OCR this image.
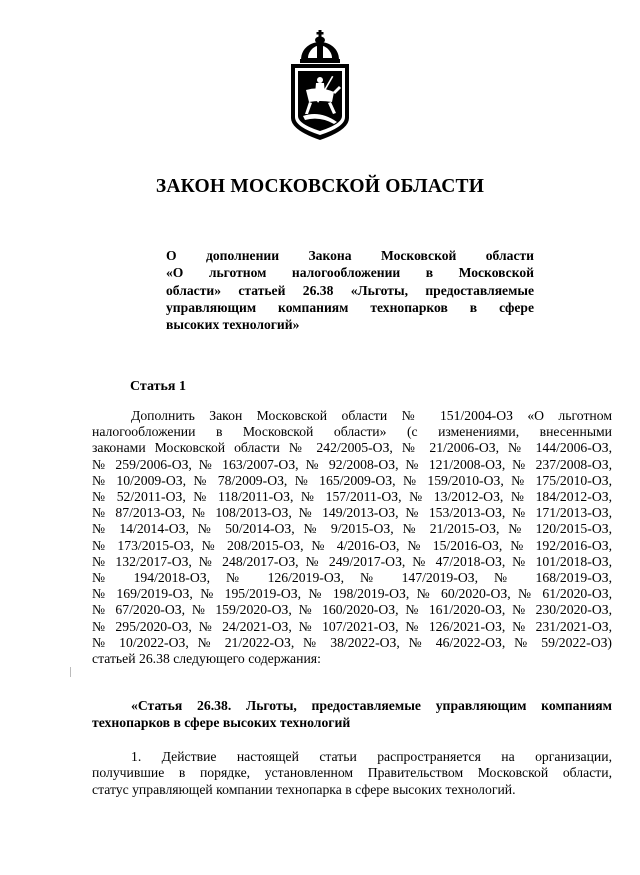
ЗАКОН МОСКОВСКОЙ ОБЛАСТИ
О дополнении Закона Московской области
«О льготном налогообложении в Московской
области» статьей 26.38 «Льготы, предоставляемые
управляющим компаниям технопарков в сфере
высоких технологий»
Статья 1
Дополнить Закон Московской области № 151/2004-ОЗ «О льготном
налогообложении в Московской области» (с изменениями, внесенными
законами Московской области № 242/2005-ОЗ, № 21/2006-ОЗ, № 144/2006-ОЗ,
№ 259/2006-ОЗ, № 163/2007-ОЗ, № 92/2008-ОЗ, № 121/2008-ОЗ, № 237/2008-ОЗ,
№ 10/2009-ОЗ, № 78/2009-ОЗ, № 165/2009-ОЗ, № 159/2010-ОЗ, № 175/2010-ОЗ,
№ 52/2011-ОЗ, № 118/2011-ОЗ, № 157/2011-ОЗ, № 13/2012-ОЗ, № 184/2012-ОЗ,
№ 87/2013-ОЗ, № 108/2013-ОЗ, № 149/2013-ОЗ, № 153/2013-ОЗ, № 171/2013-ОЗ,
№ 14/2014-ОЗ, № 50/2014-ОЗ, № 9/2015-ОЗ, № 21/2015-ОЗ, № 120/2015-ОЗ,
№ 173/2015-ОЗ, № 208/2015-ОЗ, № 4/2016-ОЗ, № 15/2016-ОЗ, № 192/2016-ОЗ,
№ 132/2017-ОЗ, № 248/2017-ОЗ, № 249/2017-ОЗ, № 47/2018-ОЗ, № 101/2018-ОЗ,
№ 194/2018-ОЗ, № 126/2019-ОЗ, № 147/2019-ОЗ, № 168/2019-ОЗ,
№ 169/2019-ОЗ, № 195/2019-ОЗ, № 198/2019-ОЗ, № 60/2020-ОЗ, № 61/2020-ОЗ,
№ 67/2020-ОЗ, № 159/2020-ОЗ, № 160/2020-ОЗ, № 161/2020-ОЗ, № 230/2020-ОЗ,
№ 295/2020-ОЗ, № 24/2021-ОЗ, № 107/2021-ОЗ, № 126/2021-ОЗ, № 231/2021-ОЗ,
№ 10/2022-ОЗ, № 21/2022-ОЗ, № 38/2022-ОЗ, № 46/2022-ОЗ, № 59/2022-ОЗ)
статьей 26.38 следующего содержания:
«Статья 26.38. Льготы, предоставляемые управляющим компаниям
технопарков в сфере высоких технологий
1. Действие настоящей статьи распространяется на организации,
получившие в порядке, установленном Правительством Московской области,
статус управляющей компании технопарка в сфере высоких технологий.
